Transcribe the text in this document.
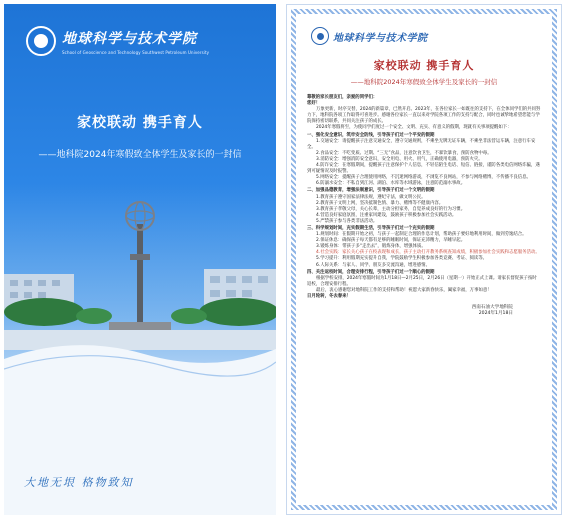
地球科学与技术学院
School of Geoscience and Technology Southwest Petroleum University
家校联动 携手育人
——地科院2024年寒假致全体学生及家长的一封信
大地无垠 格物致知
地球科学与技术学院
家校联动 携手育人
——地科院2024年寒假致全体学生及家长的一封信

尊敬的家长朋友们，亲爱的同学们：

您好！

万象更新，时序交替，2024的新篇章，已然开启。2023年，在各位家长一如既往的支持下，在全体同学们的共同努力下，地科院各项工作取得可喜进步。感谢各位家长一直以来对学院各项工作的支持与配合，同时也诚挚地希望您能与学院保持密切联系，共同关注孩子的成长。

2024年寒假将至，为使同学们度过一个安全、文明、充实、有意义的假期，现就有关事项提醒如下：

一、强化安全意识，筑牢安全防线，引导孩子们过一个平安的假期

1.交通安全：请提醒孩子注意交通安全，遵守交通规则，不乘坐无牌无证车辆，不乘坐非法营运车辆，注意行车安全。

2.食品安全：不吃变质、过期、“三无”食品，注意饮食卫生，不暴饮暴食，预防食物中毒。

3.消防安全：增强消防安全意识，安全用电、用火、用气，正确使用电器，预防火灾。

4.防诈安全：在寒假期间，提醒孩子注意保护个人信息，不轻信陌生电话、短信、链接，谨防各类电信网络诈骗，遇到可疑情况及时报警。

5.网络安全：提醒孩子合理使用网络，不沉迷网络游戏，不浏览不良网站，不参与网络赌博，不传播不良信息。

6.防溺水安全：不私自到江河、湖泊、水库等水域游泳，注意防范溺水事故。

二、加强品德教育，增强法制意识，引导孩子们过一个文明的假期

1.教育孩子遵守国家法律法规，遵纪守法，做文明公民。

2.教育孩子文明上网，坚决抵制色情、暴力、赌博等不健康内容。

3.教育孩子孝敬父母，关心长辈，主动分担家务，自觉养成良好的行为习惯。

4.营造良好家庭氛围，注重家风建设，鼓励孩子积极参加社会实践活动。

5.严禁孩子参与各类非法活动。

三、科学规划时间，充实假期生活，引导孩子们过一个充实的假期

1.规划时间：在假期开始之初，与孩子一起制定合理的作息计划，帮助孩子要好地利用时间，做到劳逸结合。

2.保证休息：确保孩子每天都有足够的睡眠时间，保证充沛精力，早睡早起。

3.锻炼身体：带孩子多“走出去”，锻炼身体，增强体质。

4.社会实践：家长关心孩子在校表现和成长，孩子主动打开教务系统查知成绩，积极参加社会实践和志愿服务活动。

5.学习提升：利用假期充实提升自我，学院鼓励学生积极参加各类竞赛、考证、阅读等。

6.人际关系：与家人、同学、朋友多交流沟通，增进感情。

四、关注返校时间，合理安排行程，引导孩子们过一个顺心的假期

根据学校安排，2024年寒假时间为1月18日—2月25日，2月26日（星期一）开始正式上课。请家长督促孩子按时返校，合理安排行程。

最后，衷心感谢您对地科院工作的支持和帮助！祝愿大家新春快乐，阖家幸福，万事如意！

日月轮转，冬去春来！

西南石油大学地科院
2024年1月18日
